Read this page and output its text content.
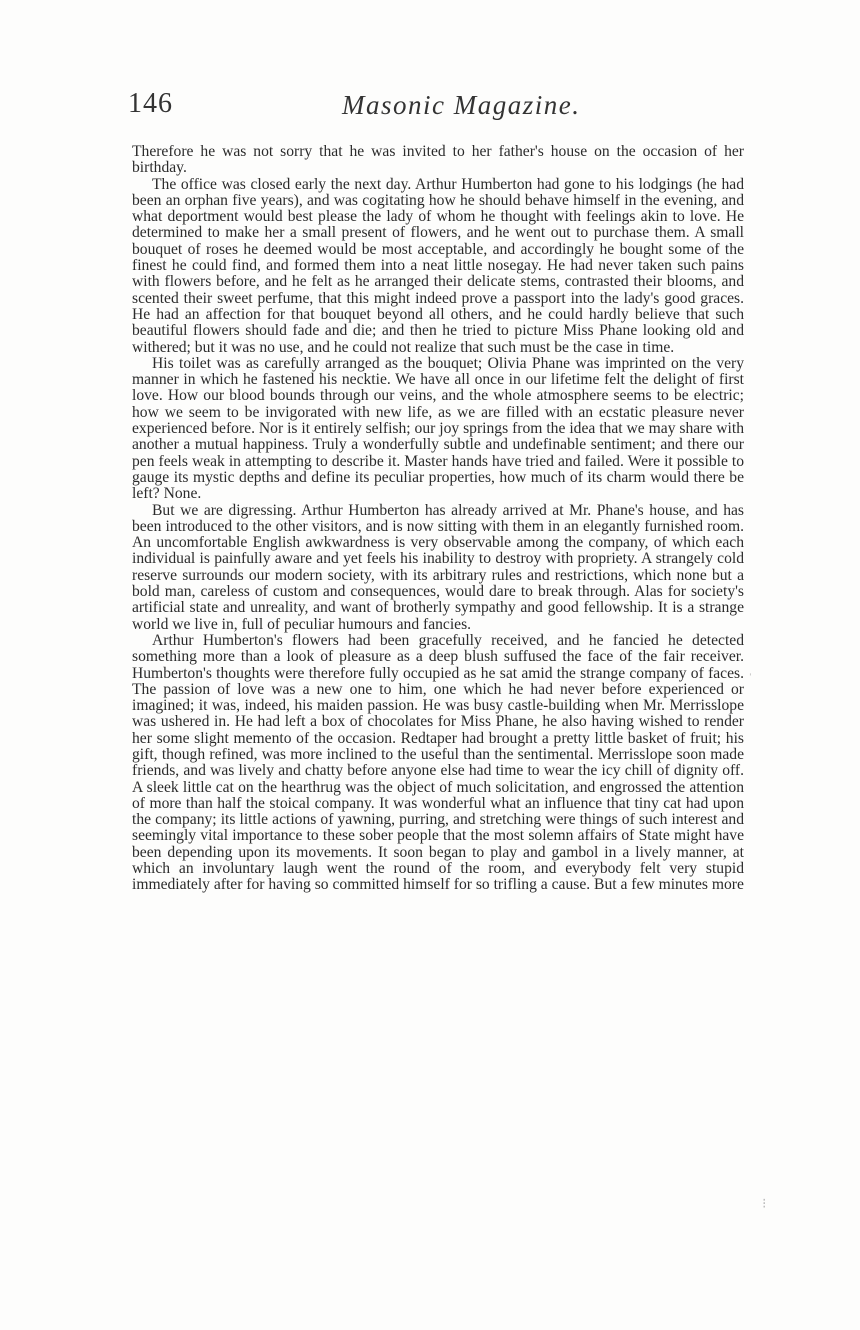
146	Masonic Magazine.

Therefore he was not sorry that he was invited to her father's house on the occasion of her birthday.

The office was closed early the next day. Arthur Humberton had gone to his lodgings (he had been an orphan five years), and was cogitating how he should behave himself in the evening, and what deportment would best please the lady of whom he thought with feelings akin to love. He determined to make her a small present of flowers, and he went out to purchase them. A small bouquet of roses he deemed would be most acceptable, and accordingly he bought some of the finest he could find, and formed them into a neat little nosegay. He had never taken such pains with flowers before, and he felt as he arranged their delicate stems, contrasted their blooms, and scented their sweet perfume, that this might indeed prove a passport into the lady's good graces. He had an affection for that bouquet beyond all others, and he could hardly believe that such beautiful flowers should fade and die; and then he tried to picture Miss Phane looking old and withered; but it was no use, and he could not realize that such must be the case in time.

His toilet was as carefully arranged as the bouquet; Olivia Phane was imprinted on the very manner in which he fastened his necktie. We have all once in our lifetime felt the delight of first love. How our blood bounds through our veins, and the whole atmosphere seems to be electric; how we seem to be invigorated with new life, as we are filled with an ecstatic pleasure never experienced before. Nor is it entirely selfish; our joy springs from the idea that we may share with another a mutual happiness. Truly a wonderfully subtle and undefinable sentiment; and there our pen feels weak in attempting to describe it. Master hands have tried and failed. Were it possible to gauge its mystic depths and define its peculiar properties, how much of its charm would there be left? None.

But we are digressing. Arthur Humberton has already arrived at Mr. Phane's house, and has been introduced to the other visitors, and is now sitting with them in an elegantly furnished room. An uncomfortable English awkwardness is very observable among the company, of which each individual is painfully aware and yet feels his inability to destroy with propriety. A strangely cold reserve surrounds our modern society, with its arbitrary rules and restrictions, which none but a bold man, careless of custom and consequences, would dare to break through. Alas for society's artificial state and unreality, and want of brotherly sympathy and good fellowship. It is a strange world we live in, full of peculiar humours and fancies.

Arthur Humberton's flowers had been gracefully received, and he fancied he detected something more than a look of pleasure as a deep blush suffused the face of the fair receiver. Humberton's thoughts were therefore fully occupied as he sat amid the strange company of faces. The passion of love was a new one to him, one which he had never before experienced or imagined; it was, indeed, his maiden passion. He was busy castle-building when Mr. Merrisslope was ushered in. He had left a box of chocolates for Miss Phane, he also having wished to render her some slight memento of the occasion. Redtaper had brought a pretty little basket of fruit; his gift, though refined, was more inclined to the useful than the sentimental. Merrisslope soon made friends, and was lively and chatty before anyone else had time to wear the icy chill of dignity off. A sleek little cat on the hearthrug was the object of much solicitation, and engrossed the attention of more than half the stoical company. It was wonderful what an influence that tiny cat had upon the company; its little actions of yawning, purring, and stretching were things of such interest and seemingly vital importance to these sober people that the most solemn affairs of State might have been depending upon its movements. It soon began to play and gambol in a lively manner, at which an involuntary laugh went the round of the room, and everybody felt very stupid immediately after for having so committed himself for so trifling a cause. But a few minutes more

ˈ
⁝
